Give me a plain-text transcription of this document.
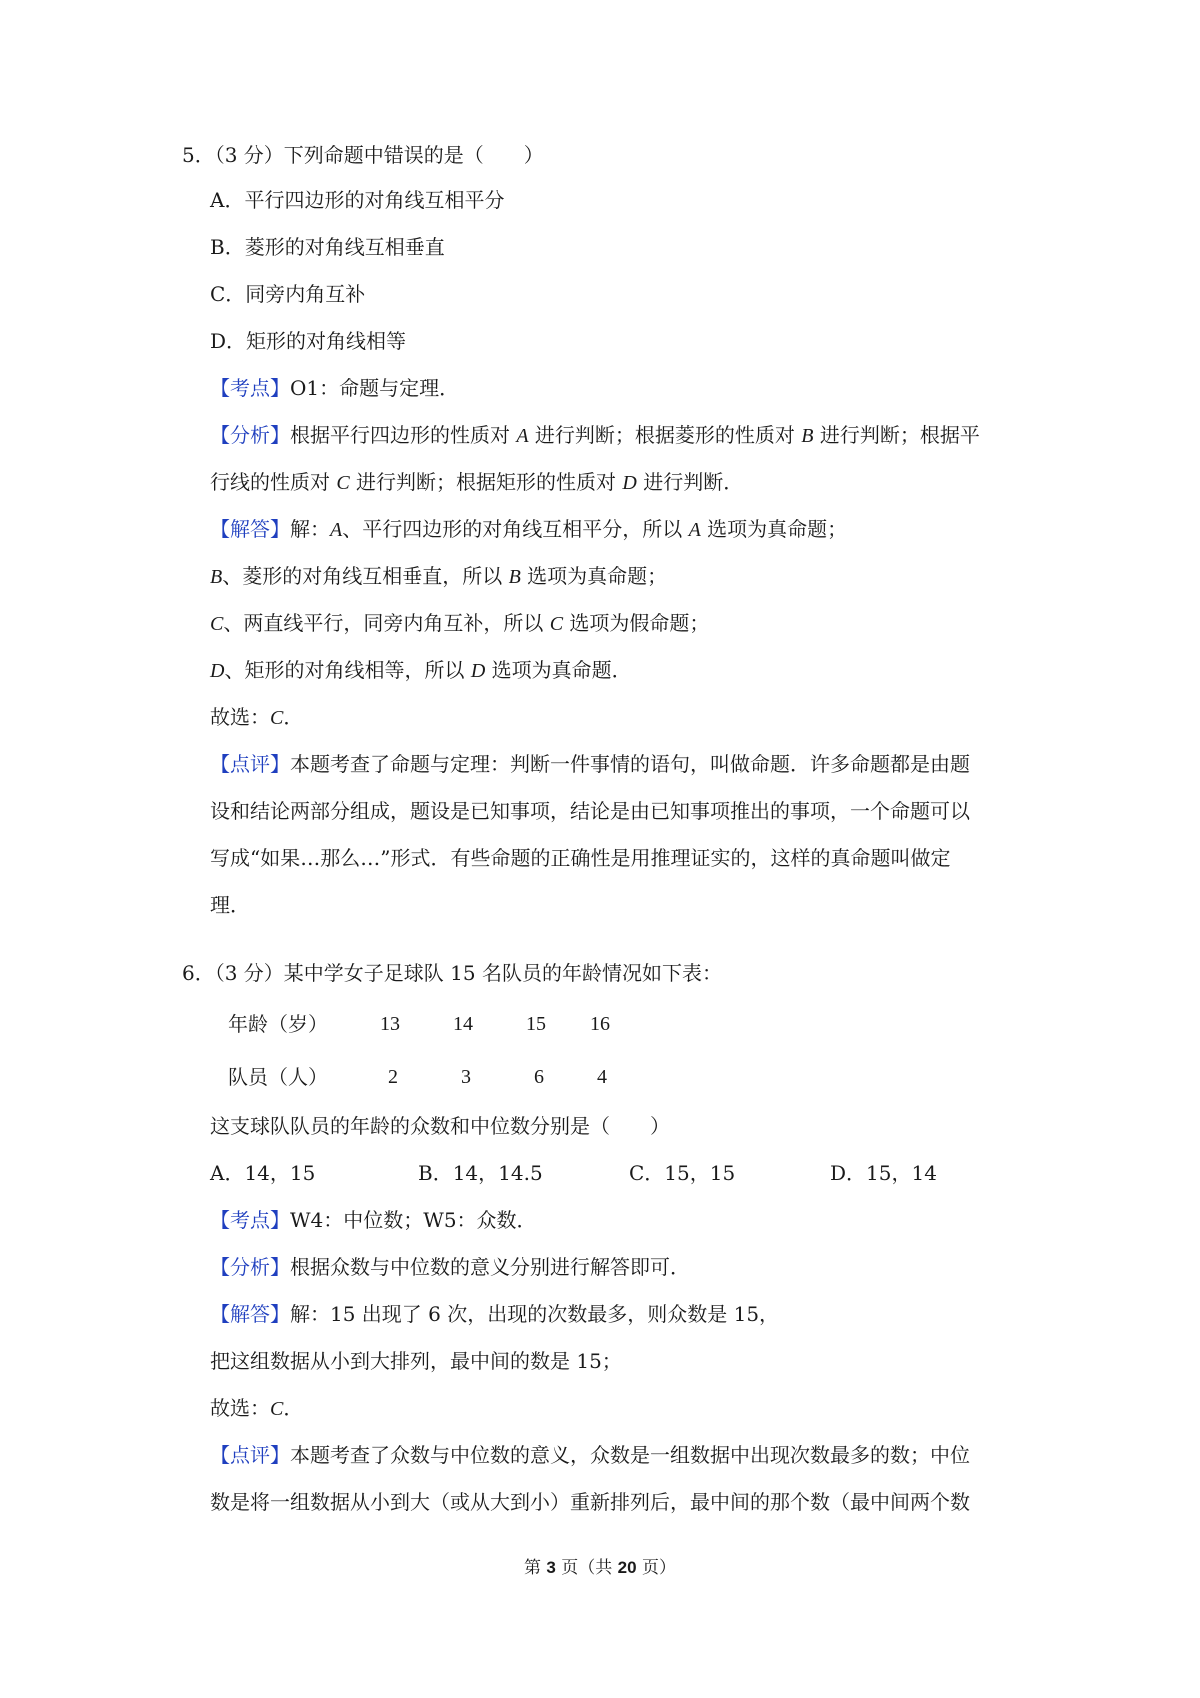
5．（3 分）下列命题中错误的是（　　）
A．平行四边形的对角线互相平分
B．菱形的对角线互相垂直
C．同旁内角互补
D．矩形的对角线相等
【考点】O1：命题与定理．
【分析】根据平行四边形的性质对 A 进行判断；根据菱形的性质对 B 进行判断；根据平
行线的性质对 C 进行判断；根据矩形的性质对 D 进行判断．
【解答】解：A、平行四边形的对角线互相平分，所以 A 选项为真命题；
B、菱形的对角线互相垂直，所以 B 选项为真命题；
C、两直线平行，同旁内角互补，所以 C 选项为假命题；
D、矩形的对角线相等，所以 D 选项为真命题．
故选：C．
【点评】本题考查了命题与定理：判断一件事情的语句，叫做命题．许多命题都是由题
设和结论两部分组成，题设是已知事项，结论是由已知事项推出的事项，一个命题可以
写成“如果…那么…”形式．有些命题的正确性是用推理证实的，这样的真命题叫做定
理．
6．（3 分）某中学女子足球队 15 名队员的年龄情况如下表：
年龄（岁）	13	14	15 16
队员（人）	2	3	6	4
这支球队队员的年龄的众数和中位数分别是（　　）
A．14，15	B．14，14.5	C．15，15	D．15，14
【考点】W4：中位数；W5：众数．
【分析】根据众数与中位数的意义分别进行解答即可．
【解答】解：15 出现了 6 次，出现的次数最多，则众数是 15，
把这组数据从小到大排列，最中间的数是 15；
故选：C．
【点评】本题考查了众数与中位数的意义，众数是一组数据中出现次数最多的数；中位
数是将一组数据从小到大（或从大到小）重新排列后，最中间的那个数（最中间两个数
第 3 页（共 20 页）
